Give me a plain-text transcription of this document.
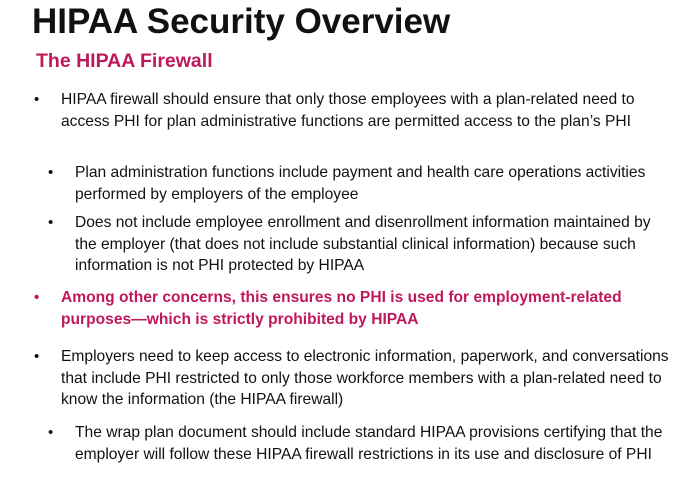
HIPAA Security Overview
The HIPAA Firewall
• HIPAA firewall should ensure that only those employees with a plan-related need to access PHI for plan administrative functions are permitted access to the plan’s PHI
• Plan administration functions include payment and health care operations activities performed by employers of the employee
• Does not include employee enrollment and disenrollment information maintained by the employer (that does not include substantial clinical information) because such information is not PHI protected by HIPAA
• Among other concerns, this ensures no PHI is used for employment-related purposes—which is strictly prohibited by HIPAA
• Employers need to keep access to electronic information, paperwork, and conversations that include PHI restricted to only those workforce members with a plan-related need to know the information (the HIPAA firewall)
• The wrap plan document should include standard HIPAA provisions certifying that the employer will follow these HIPAA firewall restrictions in its use and disclosure of PHI
